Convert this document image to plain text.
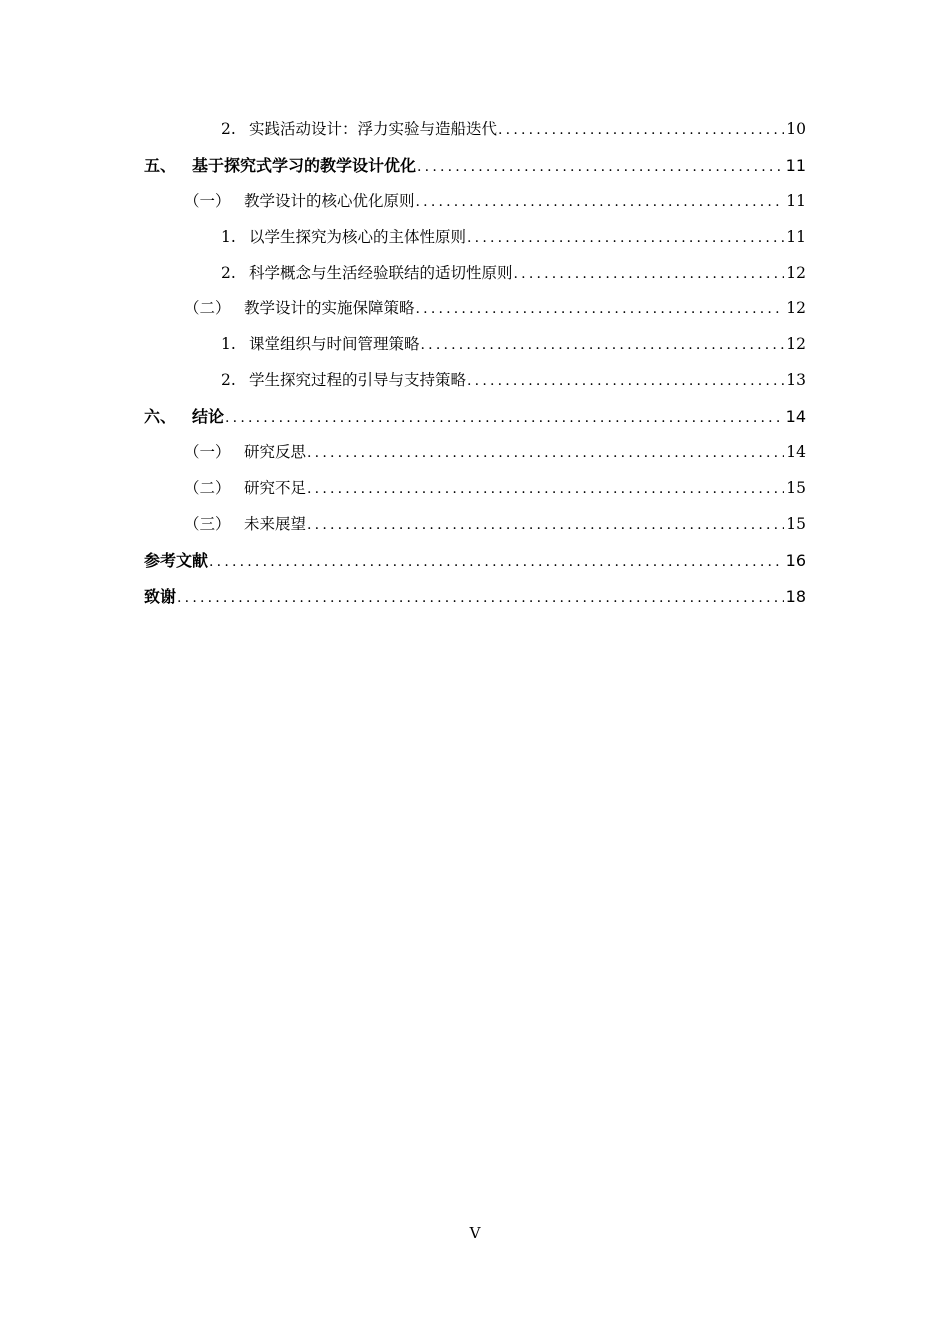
2. 实践活动设计：浮力实验与造船迭代 .....	10
五、 基于探究式学习的教学设计优化 .....	11
（一） 教学设计的核心优化原则 .....	11
1. 以学生探究为核心的主体性原则 .....	11
2. 科学概念与生活经验联结的适切性原则 .....	12
（二） 教学设计的实施保障策略 .....	12
1. 课堂组织与时间管理策略 .....	12
2. 学生探究过程的引导与支持策略 .....	13
六、 结论 .....	14
（一） 研究反思 .....	14
（二） 研究不足 .....	15
（三） 未来展望 .....	15
参考文献 .....	16
致谢 .....	18
V
